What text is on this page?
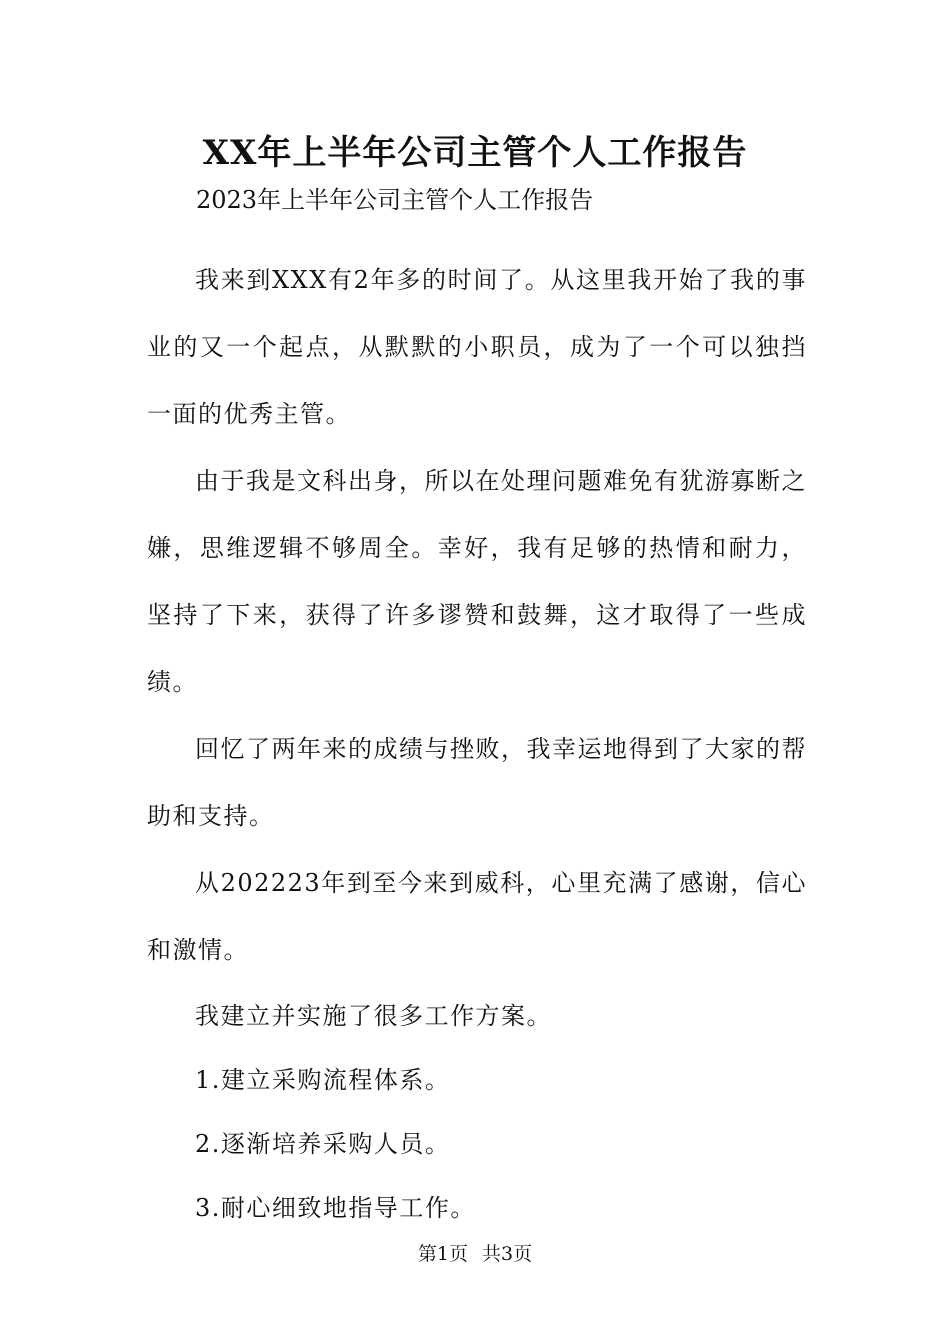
XX年上半年公司主管个人工作报告

2023年上半年公司主管个人工作报告

我来到XXX有2年多的时间了。从这里我开始了我的事业的又一个起点，从默默的小职员，成为了一个可以独挡一面的优秀主管。

由于我是文科出身，所以在处理问题难免有犹游寡断之嫌，思维逻辑不够周全。幸好，我有足够的热情和耐力，坚持了下来，获得了许多谬赞和鼓舞，这才取得了一些成绩。

回忆了两年来的成绩与挫败，我幸运地得到了大家的帮助和支持。

从202223年到至今来到威科，心里充满了感谢，信心和激情。

我建立并实施了很多工作方案。

1.建立采购流程体系。

2.逐渐培养采购人员。

3.耐心细致地指导工作。

第1页 共3页
